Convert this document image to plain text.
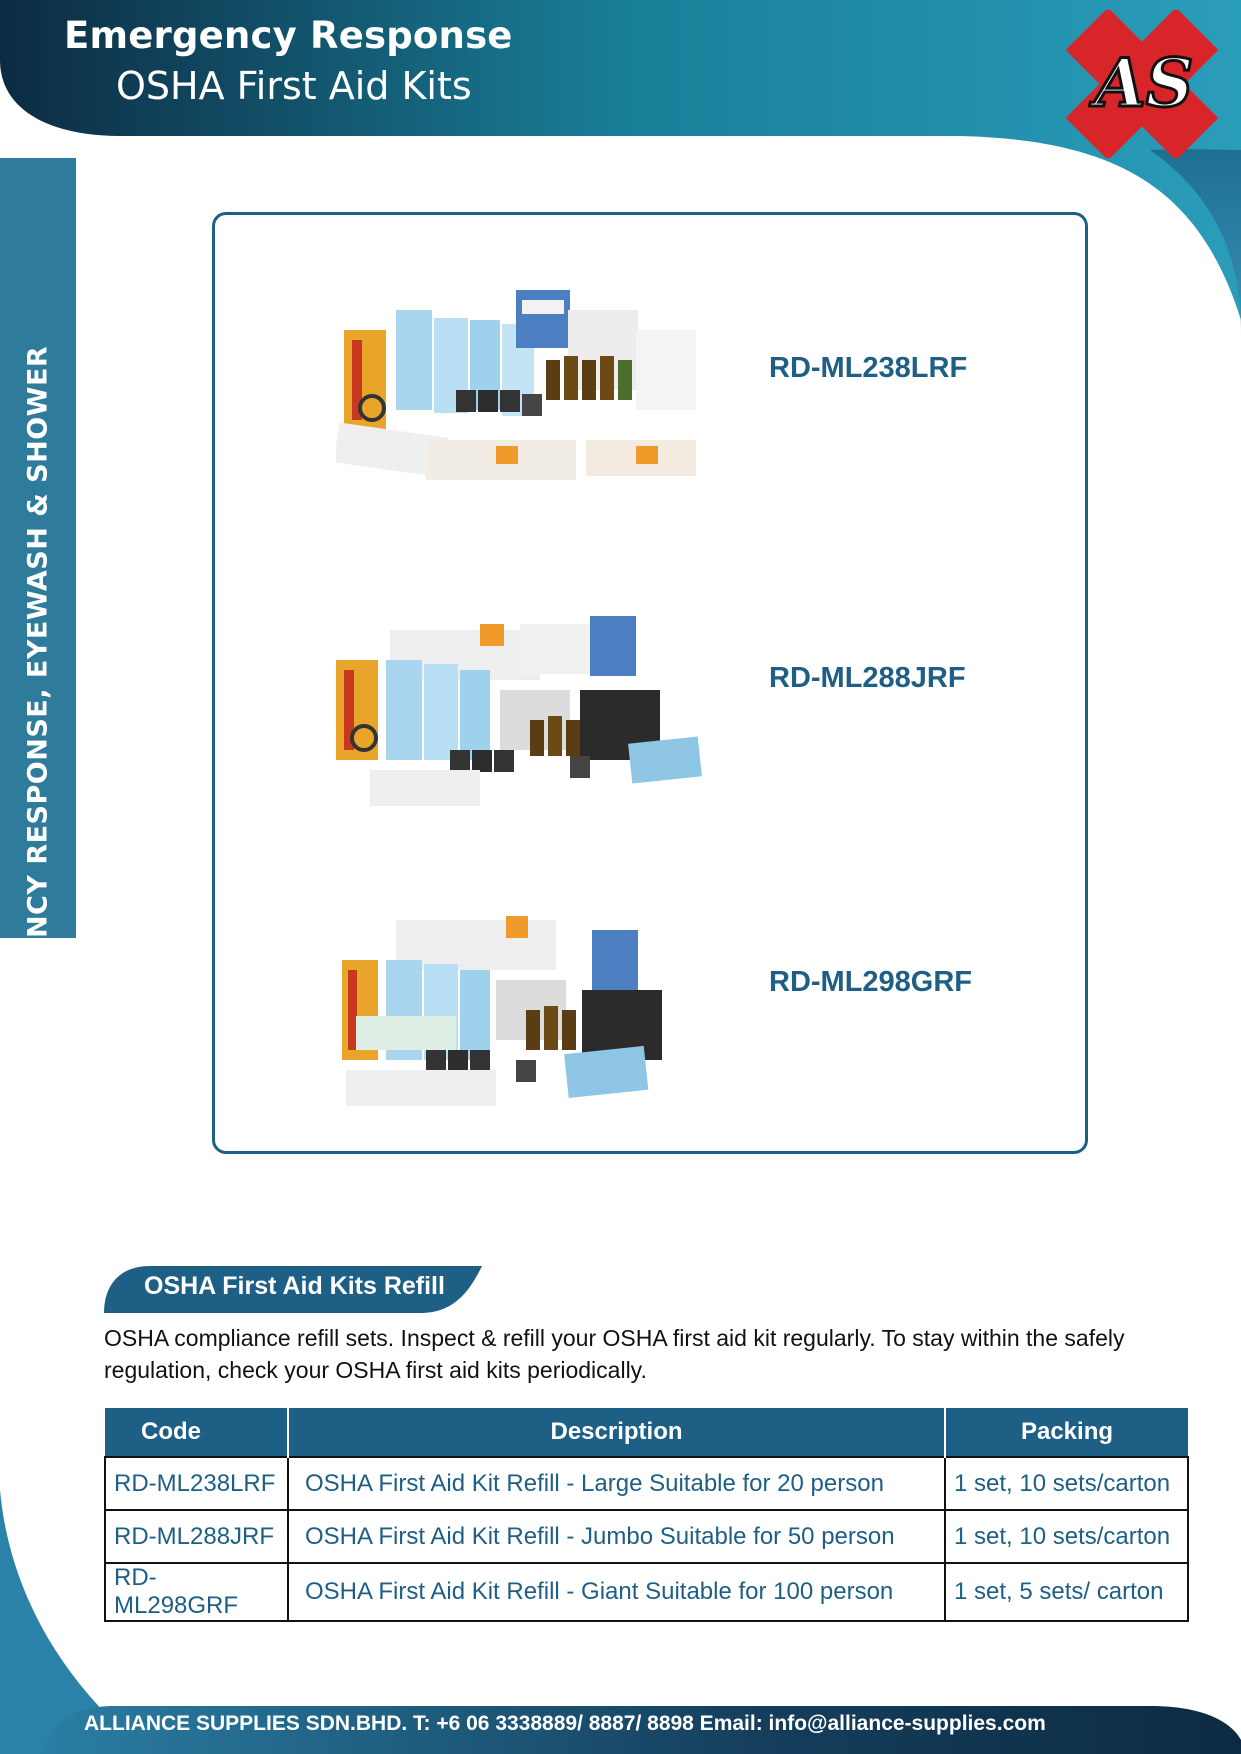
Emergency Response
OSHA First Aid Kits	AS
EMERGENCY RESPONSE, EYEWASH & SHOWER	RD-ML238LRF
RD-ML288JRF
RD-ML298GRF
OSHA First Aid Kits Refill
OSHA compliance refill sets. Inspect & refill your OSHA first aid kit regularly. To stay within the safely regulation, check your OSHA first aid kits periodically.
Code	Description	Packing
RD-ML238LRF	OSHA First Aid Kit Refill - Large Suitable for 20 person	1 set, 10 sets/carton
RD-ML288JRF	OSHA First Aid Kit Refill - Jumbo Suitable for 50 person	1 set, 10 sets/carton
RD-ML298GRF	OSHA First Aid Kit Refill - Giant Suitable for 100 person	1 set, 5 sets/ carton
ALLIANCE SUPPLIES SDN.BHD. T: +6 06 3338889/ 8887/ 8898 Email: info@alliance-supplies.com
